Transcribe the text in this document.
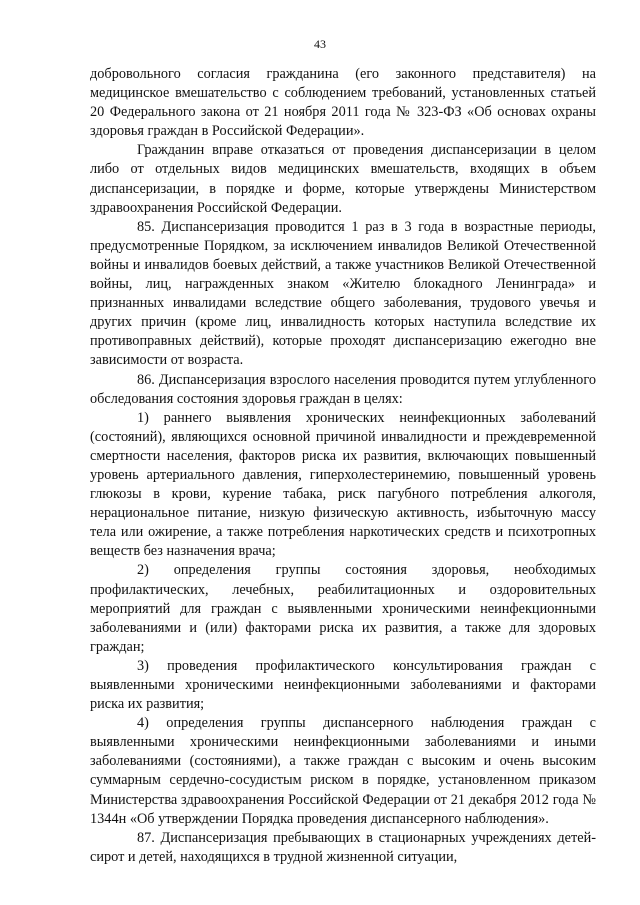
43

добровольного согласия гражданина (его законного представителя) на медицинское вмешательство с соблюдением требований, установленных статьей 20 Федерального закона от 21 ноября 2011 года № 323-ФЗ «Об основах охраны здоровья граждан в Российской Федерации».

Гражданин вправе отказаться от проведения диспансеризации в целом либо от отдельных видов медицинских вмешательств, входящих в объем диспансеризации, в порядке и форме, которые утверждены Министерством здравоохранения Российской Федерации.

85. Диспансеризация проводится 1 раз в 3 года в возрастные периоды, предусмотренные Порядком, за исключением инвалидов Великой Отечественной войны и инвалидов боевых действий, а также участников Великой Отечественной войны, лиц, награжденных знаком «Жителю блокадного Ленинграда» и признанных инвалидами вследствие общего заболевания, трудового увечья и других причин (кроме лиц, инвалидность которых наступила вследствие их противоправных действий), которые проходят диспансеризацию ежегодно вне зависимости от возраста.

86. Диспансеризация взрослого населения проводится путем углубленного обследования состояния здоровья граждан в целях:

1) раннего выявления хронических неинфекционных заболеваний (состояний), являющихся основной причиной инвалидности и преждевременной смертности населения, факторов риска их развития, включающих повышенный уровень артериального давления, гиперхолестеринемию, повышенный уровень глюкозы в крови, курение табака, риск пагубного потребления алкоголя, нерациональное питание, низкую физическую активность, избыточную массу тела или ожирение, а также потребления наркотических средств и психотропных веществ без назначения врача;

2) определения группы состояния здоровья, необходимых профилактических, лечебных, реабилитационных и оздоровительных мероприятий для граждан с выявленными хроническими неинфекционными заболеваниями и (или) факторами риска их развития, а также для здоровых граждан;

3) проведения профилактического консультирования граждан с выявленными хроническими неинфекционными заболеваниями и факторами риска их развития;

4) определения группы диспансерного наблюдения граждан с выявленными хроническими неинфекционными заболеваниями и иными заболеваниями (состояниями), а также граждан с высоким и очень высоким суммарным сердечно-сосудистым риском в порядке, установленном приказом Министерства здравоохранения Российской Федерации от 21 декабря 2012 года № 1344н «Об утверждении Порядка проведения диспансерного наблюдения».

87. Диспансеризация пребывающих в стационарных учреждениях детей-сирот и детей, находящихся в трудной жизненной ситуации,
